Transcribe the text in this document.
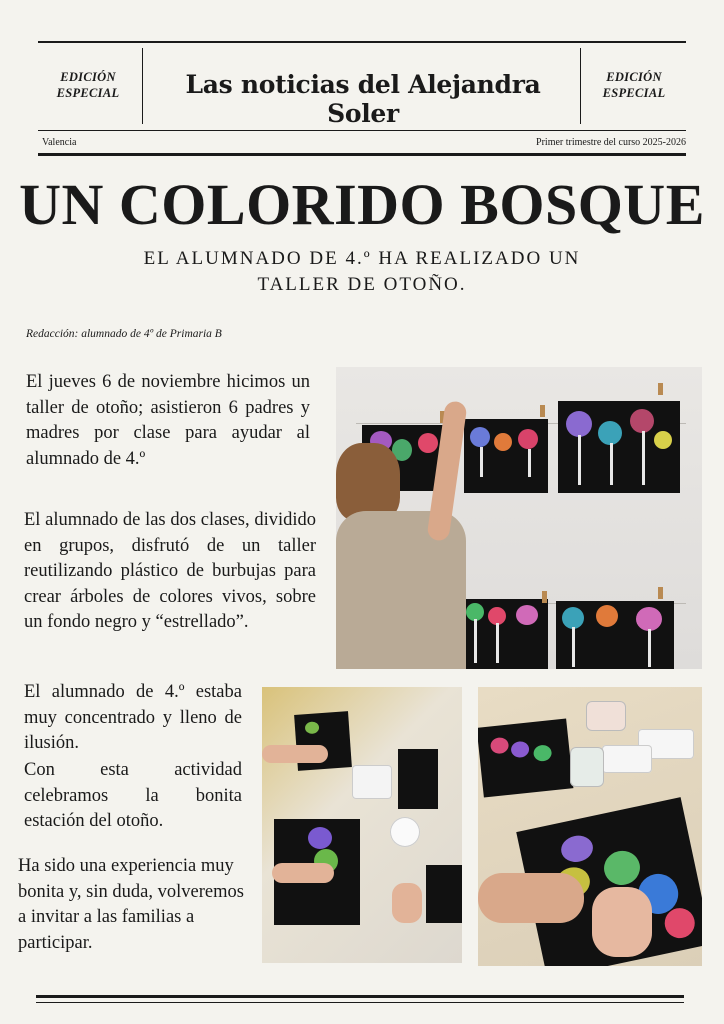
EDICIÓN ESPECIAL
EDICIÓN ESPECIAL
Las noticias del Alejandra Soler
Valencia	Primer trimestre del curso 2025-2026
UN COLORIDO BOSQUE
EL ALUMNADO DE 4.º HA REALIZADO UN TALLER DE OTOÑO.
Redacción: alumnado de 4º de Primaria B

El jueves 6 de noviembre hicimos un taller de otoño; asistieron 6 padres y madres por clase para ayudar al alumnado de 4.º

El alumnado de las dos clases, dividido en grupos, disfrutó de un taller reutilizando plástico de burbujas para crear árboles de colores vivos, sobre un fondo negro y “estrellado”.

El alumnado de 4.º estaba muy concentrado y lleno de ilusión.

Con esta actividad celebramos la bonita estación del otoño.

Ha sido una experiencia muy bonita y, sin duda, volveremos a invitar a las familias a participar.
